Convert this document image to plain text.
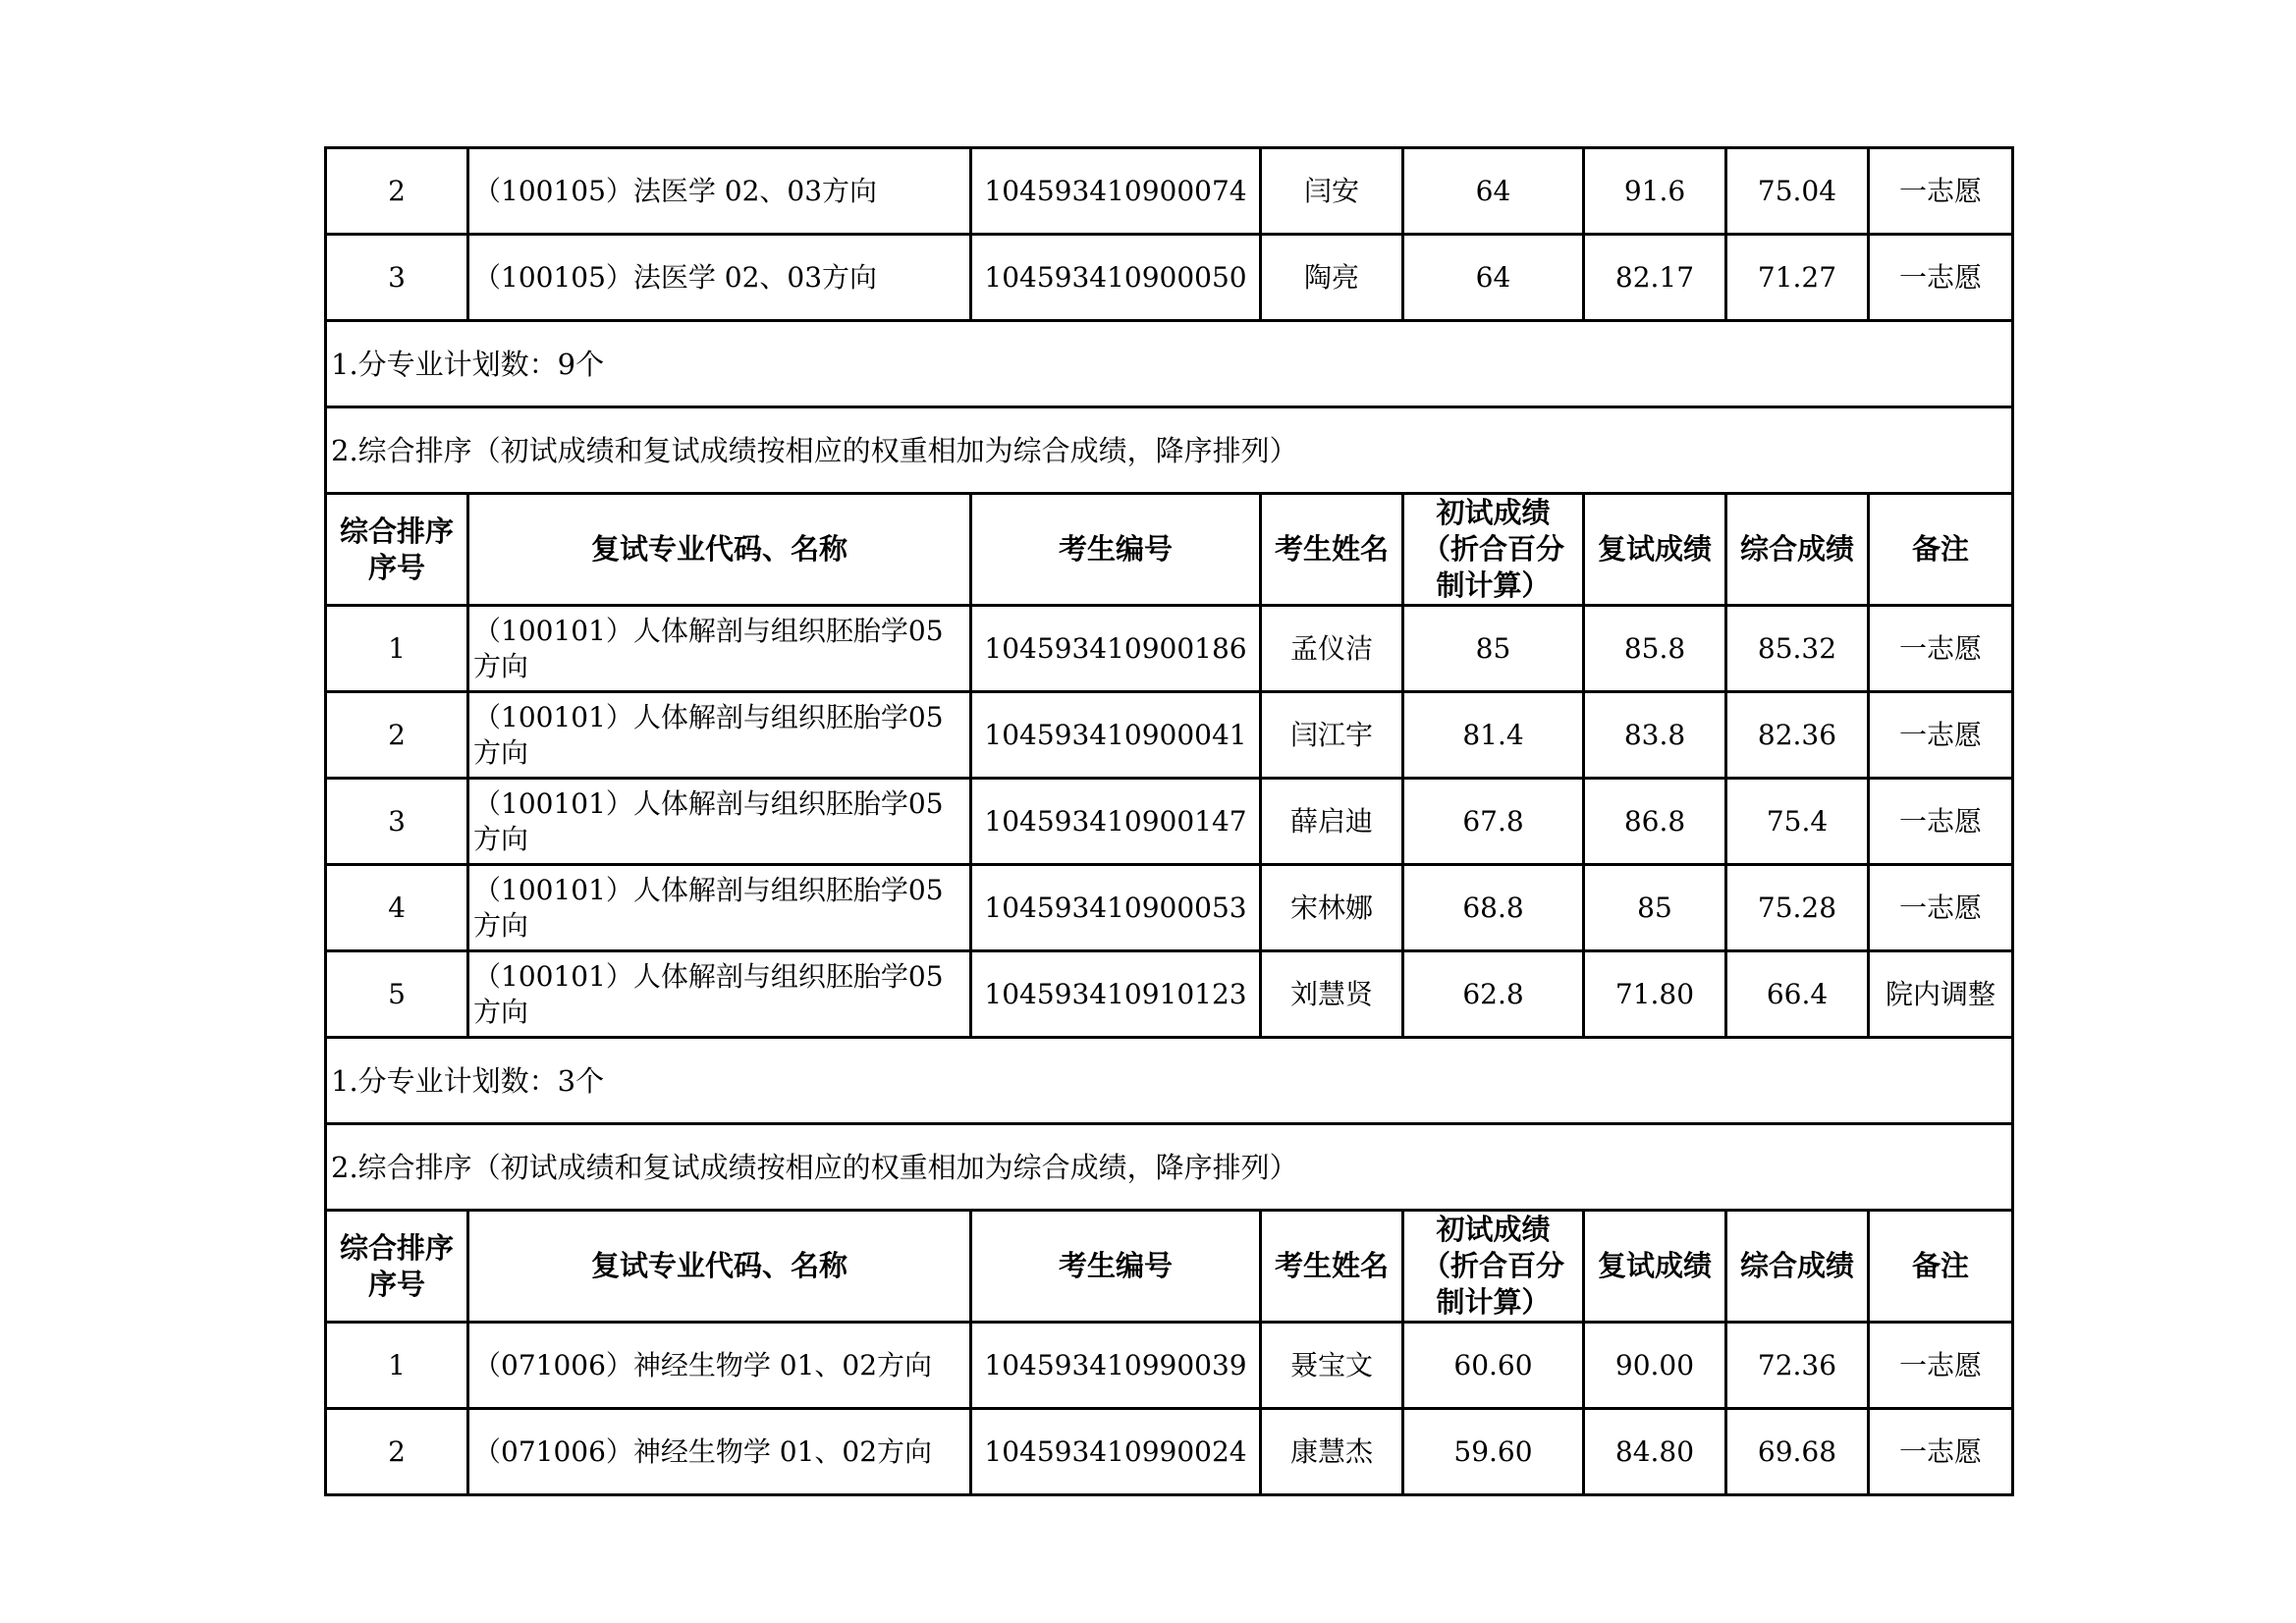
2	（100105）法医学 02、03方向	104593410900074	闫安	64	91.6	75.04	一志愿
3	（100105）法医学 02、03方向	104593410900050	陶亮	64	82.17	71.27	一志愿
1.分专业计划数：9个							
2.综合排序（初试成绩和复试成绩按相应的权重相加为综合成绩，降序排列）							
综合排序序号	复试专业代码、名称	考生编号	考生姓名	初试成绩（折合百分制计算）	复试成绩	综合成绩	备注
1	（100101）人体解剖与组织胚胎学05方向	104593410900186	孟仪洁	85	85.8	85.32	一志愿
2	（100101）人体解剖与组织胚胎学05方向	104593410900041	闫江宇	81.4	83.8	82.36	一志愿
3	（100101）人体解剖与组织胚胎学05方向	104593410900147	薛启迪	67.8	86.8	75.4	一志愿
4	（100101）人体解剖与组织胚胎学05方向	104593410900053	宋林娜	68.8	85	75.28	一志愿
5	（100101）人体解剖与组织胚胎学05方向	104593410910123	刘慧贤	62.8	71.80	66.4	院内调整
1.分专业计划数：3个							
2.综合排序（初试成绩和复试成绩按相应的权重相加为综合成绩，降序排列）							
综合排序序号	复试专业代码、名称	考生编号	考生姓名	初试成绩（折合百分制计算）	复试成绩	综合成绩	备注
1	（071006）神经生物学 01、02方向	104593410990039	聂宝文	60.60	90.00	72.36	一志愿
2	（071006）神经生物学 01、02方向	104593410990024	康慧杰	59.60	84.80	69.68	一志愿
